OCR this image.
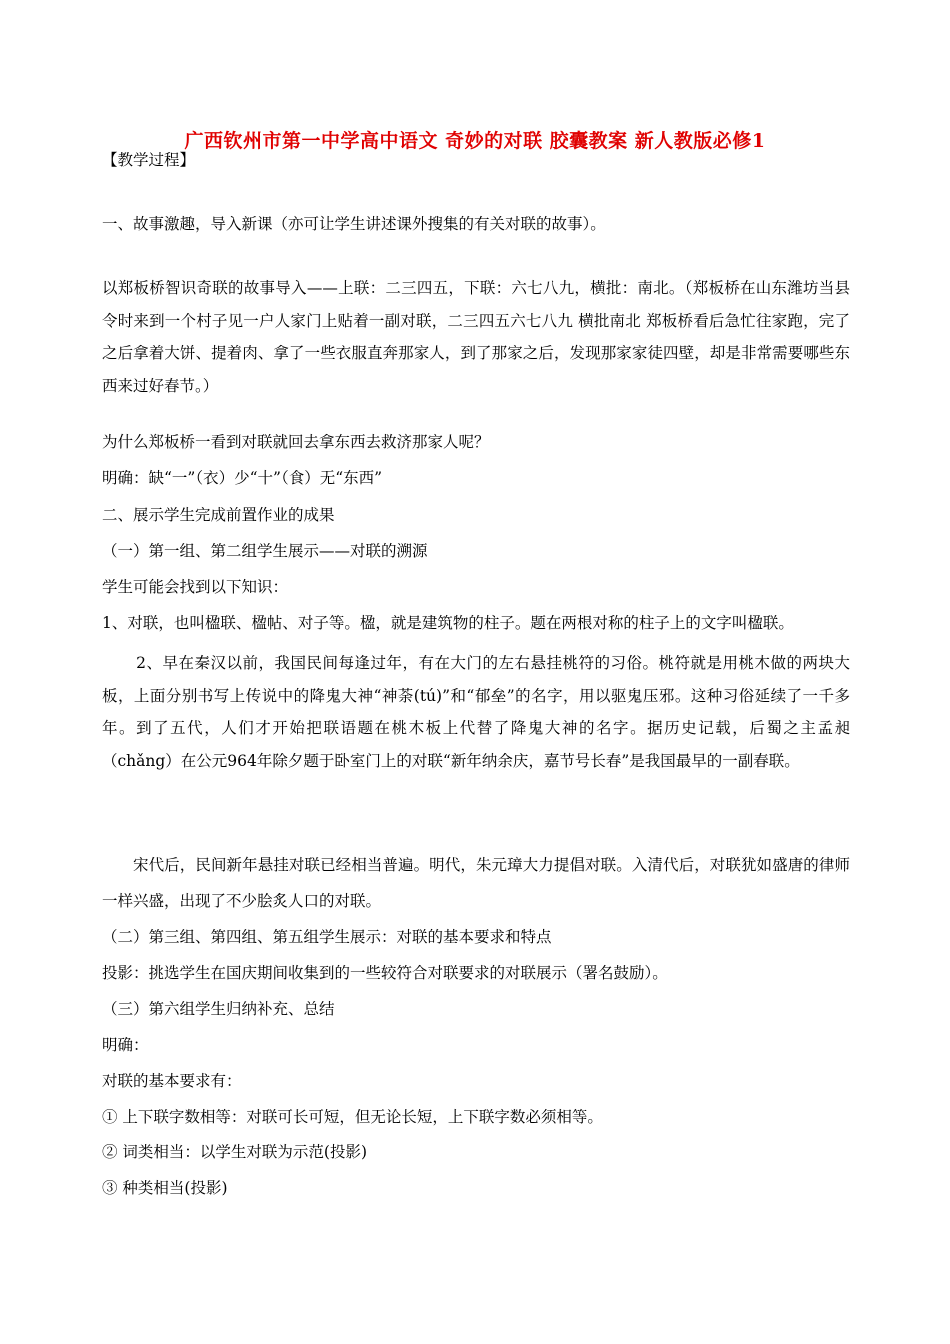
广西钦州市第一中学高中语文 奇妙的对联 胶囊教案 新人教版必修1
【教学过程】
一、故事激趣，导入新课（亦可让学生讲述课外搜集的有关对联的故事）。
以郑板桥智识奇联的故事导入——上联：二三四五，下联：六七八九，横批：南北。（郑板桥在山东潍坊当县令时来到一个村子见一户人家门上贴着一副对联，二三四五六七八九 横批南北 郑板桥看后急忙往家跑，完了之后拿着大饼、提着肉、拿了一些衣服直奔那家人，到了那家之后，发现那家家徒四壁，却是非常需要哪些东西来过好春节。）
为什么郑板桥一看到对联就回去拿东西去救济那家人呢？
明确：缺“一”（衣）少“十”（食）无“东西”
二、展示学生完成前置作业的成果
（一）第一组、第二组学生展示——对联的溯源
学生可能会找到以下知识：
1、对联，也叫楹联、楹帖、对子等。楹，就是建筑物的柱子。题在两根对称的柱子上的文字叫楹联。
2、早在秦汉以前，我国民间每逢过年，有在大门的左右悬挂桃符的习俗。桃符就是用桃木做的两块大板，上面分别书写上传说中的降鬼大神“神荼(tú)”和“郁垒”的名字，用以驱鬼压邪。这种习俗延续了一千多年。到了五代，人们才开始把联语题在桃木板上代替了降鬼大神的名字。据历史记载，后蜀之主孟昶（chǎng）在公元964年除夕题于卧室门上的对联“新年纳余庆，嘉节号长春”是我国最早的一副春联。
宋代后，民间新年悬挂对联已经相当普遍。明代，朱元璋大力提倡对联。入清代后，对联犹如盛唐的律师一样兴盛，出现了不少脍炙人口的对联。
（二）第三组、第四组、第五组学生展示：对联的基本要求和特点
投影：挑选学生在国庆期间收集到的一些较符合对联要求的对联展示（署名鼓励）。
（三）第六组学生归纳补充、总结
明确：
对联的基本要求有：
① 上下联字数相等：对联可长可短，但无论长短，上下联字数必须相等。
② 词类相当：以学生对联为示范(投影)
③ 种类相当(投影)
